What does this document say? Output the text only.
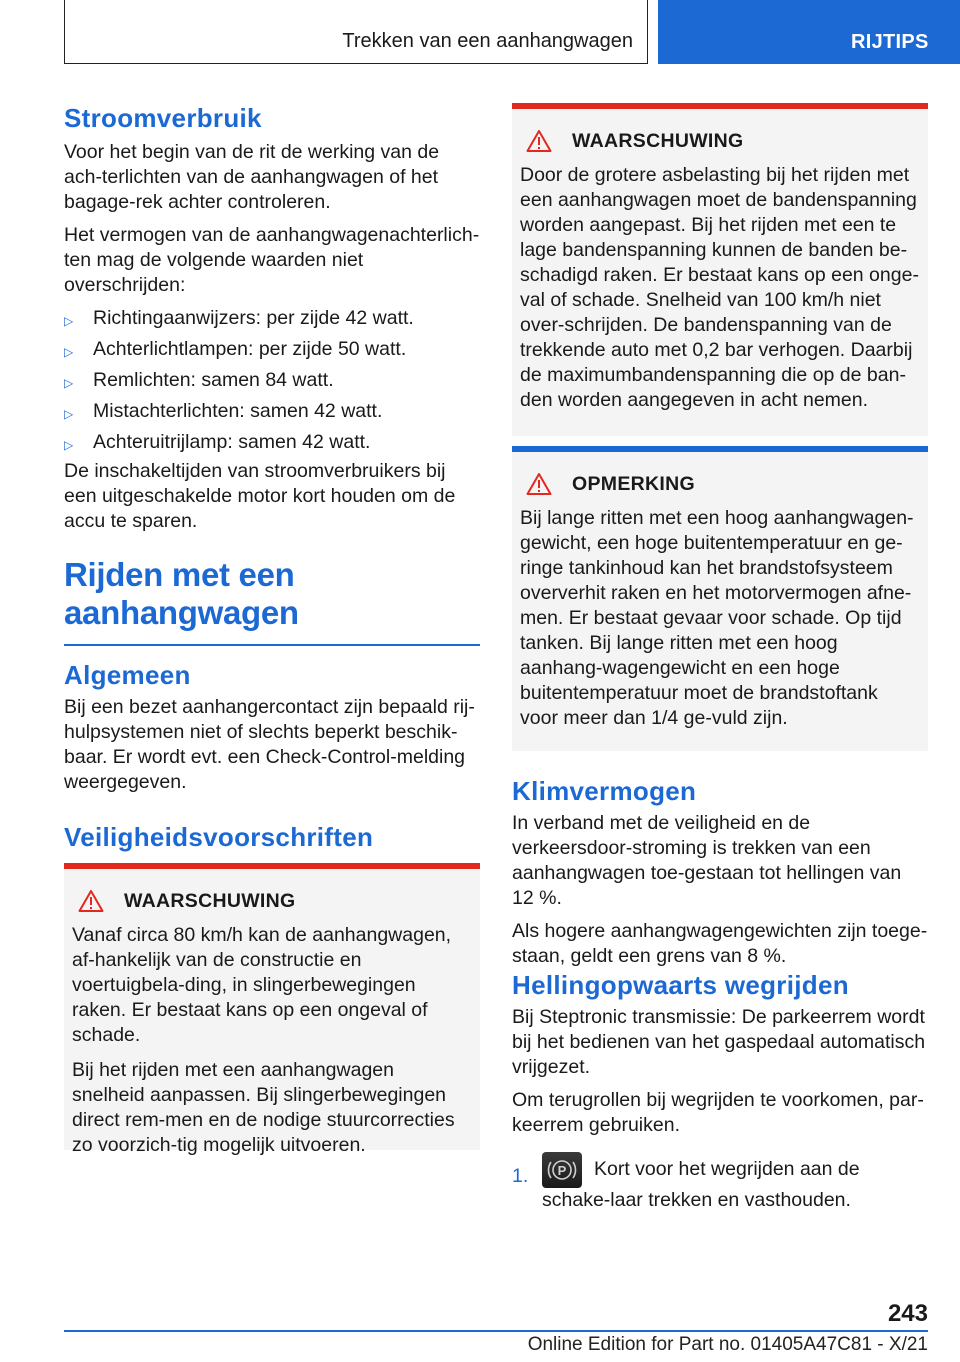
Trekken van een aanhangwagen	RIJTIPS
Stroomverbruik

Voor het begin van de rit de werking van de ach-terlichten van de aanhangwagen of het bagage-rek achter controleren.

Het vermogen van de aanhangwagenachterlich-ten mag de volgende waarden niet overschrijden:

▷ Richtingaanwijzers: per zijde 42 watt.
▷ Achterlichtlampen: per zijde 50 watt.
▷ Remlichten: samen 84 watt.
▷ Mistachterlichten: samen 42 watt.
▷ Achteruitrijlamp: samen 42 watt.

De inschakeltijden van stroomverbruikers bij een uitgeschakelde motor kort houden om de accu te sparen.

Rijden met een
aanhangwagen
Algemeen

Bij een bezet aanhangercontact zijn bepaald rij-hulpsystemen niet of slechts beperkt beschik-baar. Er wordt evt. een Check-Control-melding weergegeven.

Veiligheidsvoorschriften
WAARSCHUWING

Vanaf circa 80 km/h kan de aanhangwagen, af-hankelijk van de constructie en voertuigbela-ding, in slingerbewegingen raken. Er bestaat kans op een ongeval of schade.

Bij het rijden met een aanhangwagen snelheid aanpassen. Bij slingerbewegingen direct rem-men en de nodige stuurcorrecties zo voorzich-tig mogelijk uitvoeren.

WAARSCHUWING

Door de grotere asbelasting bij het rijden met een aanhangwagen moet de bandenspanning worden aangepast. Bij het rijden met een te lage bandenspanning kunnen de banden be-schadigd raken. Er bestaat kans op een onge-val of schade. Snelheid van 100 km/h niet over-schrijden. De bandenspanning van de trekkende auto met 0,2 bar verhogen. Daarbij de maximumbandenspanning die op de ban-den worden aangegeven in acht nemen.

OPMERKING

Bij lange ritten met een hoog aanhangwagen-gewicht, een hoge buitentemperatuur en ge-ringe tankinhoud kan het brandstofsysteem oververhit raken en het motorvermogen afne-men. Er bestaat gevaar voor schade. Op tijd tanken. Bij lange ritten met een hoog aanhang-wagengewicht en een hoge buitentemperatuur moet de brandstoftank voor meer dan 1/4 ge-vuld zijn.

Klimvermogen

In verband met de veiligheid en de verkeersdoor-stroming is trekken van een aanhangwagen toe-gestaan tot hellingen van 12 %.

Als hogere aanhangwagengewichten zijn toege-staan, geldt een grens van 8 %.

Hellingopwaarts wegrijden

Bij Steptronic transmissie: De parkeerrem wordt bij het bedienen van het gaspedaal automatisch vrijgezet.

Om terugrollen bij wegrijden te voorkomen, par-keerrem gebruiken.

1. P Kort voor het wegrijden aan de schake-laar trekken en vasthouden.
243
Online Edition for Part no. 01405A47C81 - X/21
